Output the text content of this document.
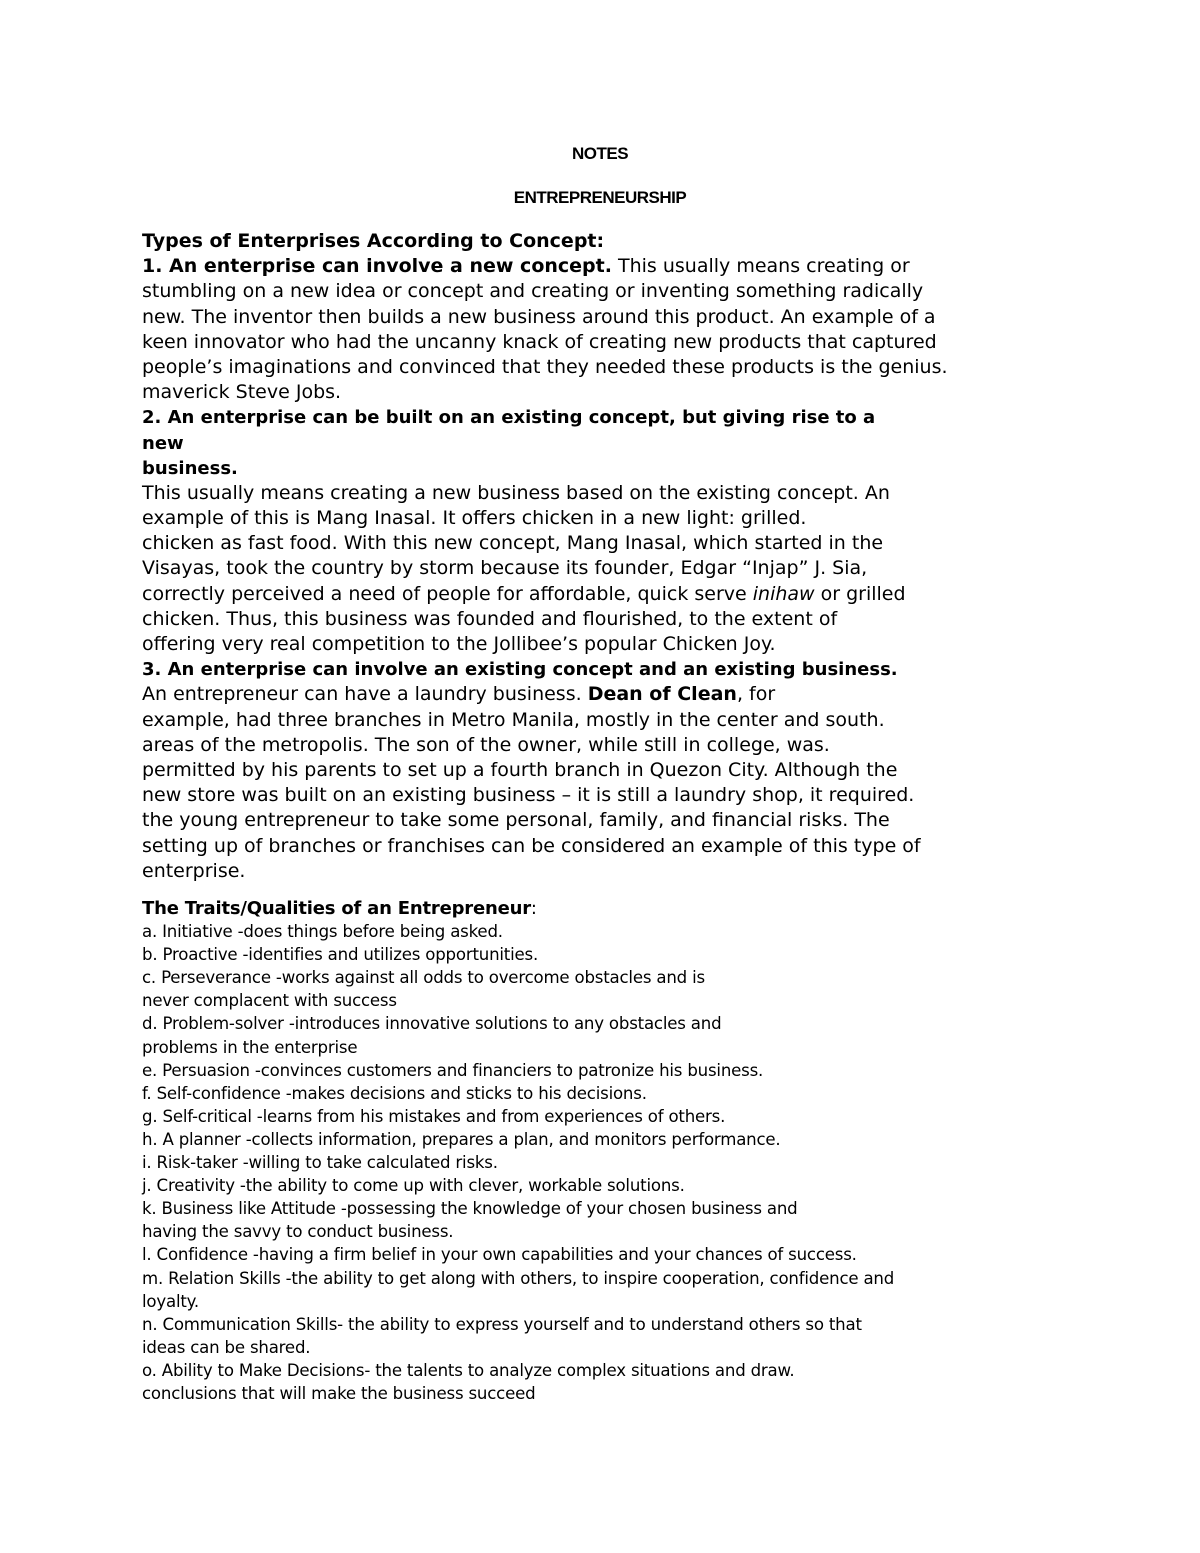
NOTES
ENTREPRENEURSHIP
Types of Enterprises According to Concept:
1. An enterprise can involve a new concept. This usually means creating or
stumbling on a new idea or concept and creating or inventing something radically
new. The inventor then builds a new business around this product. An example of a
keen innovator who had the uncanny knack of creating new products that captured
people’s imaginations and convinced that they needed these products is the genius.
maverick Steve Jobs.
2. An enterprise can be built on an existing concept, but giving rise to a
new
business.
This usually means creating a new business based on the existing concept. An
example of this is Mang Inasal. It offers chicken in a new light: grilled.
chicken as fast food. With this new concept, Mang Inasal, which started in the
Visayas, took the country by storm because its founder, Edgar “Injap” J. Sia,
correctly perceived a need of people for affordable, quick serve inihaw or grilled
chicken. Thus, this business was founded and flourished, to the extent of
offering very real competition to the Jollibee’s popular Chicken Joy.
3. An enterprise can involve an existing concept and an existing business.
An entrepreneur can have a laundry business. Dean of Clean, for
example, had three branches in Metro Manila, mostly in the center and south.
areas of the metropolis. The son of the owner, while still in college, was.
permitted by his parents to set up a fourth branch in Quezon City. Although the
new store was built on an existing business – it is still a laundry shop, it required.
the young entrepreneur to take some personal, family, and financial risks. The
setting up of branches or franchises can be considered an example of this type of
enterprise.
The Traits/Qualities of an Entrepreneur:
a. Initiative -does things before being asked.
b. Proactive -identifies and utilizes opportunities.
c. Perseverance -works against all odds to overcome obstacles and is
never complacent with success
d. Problem-solver -introduces innovative solutions to any obstacles and
problems in the enterprise
e. Persuasion -convinces customers and financiers to patronize his business.
f. Self-confidence -makes decisions and sticks to his decisions.
g. Self-critical -learns from his mistakes and from experiences of others.
h. A planner -collects information, prepares a plan, and monitors performance.
i. Risk-taker -willing to take calculated risks.
j. Creativity -the ability to come up with clever, workable solutions.
k. Business like Attitude -possessing the knowledge of your chosen business and
having the savvy to conduct business.
l. Confidence -having a firm belief in your own capabilities and your chances of success.
m. Relation Skills -the ability to get along with others, to inspire cooperation, confidence and
loyalty.
n. Communication Skills- the ability to express yourself and to understand others so that
ideas can be shared.
o. Ability to Make Decisions- the talents to analyze complex situations and draw.
conclusions that will make the business succeed
